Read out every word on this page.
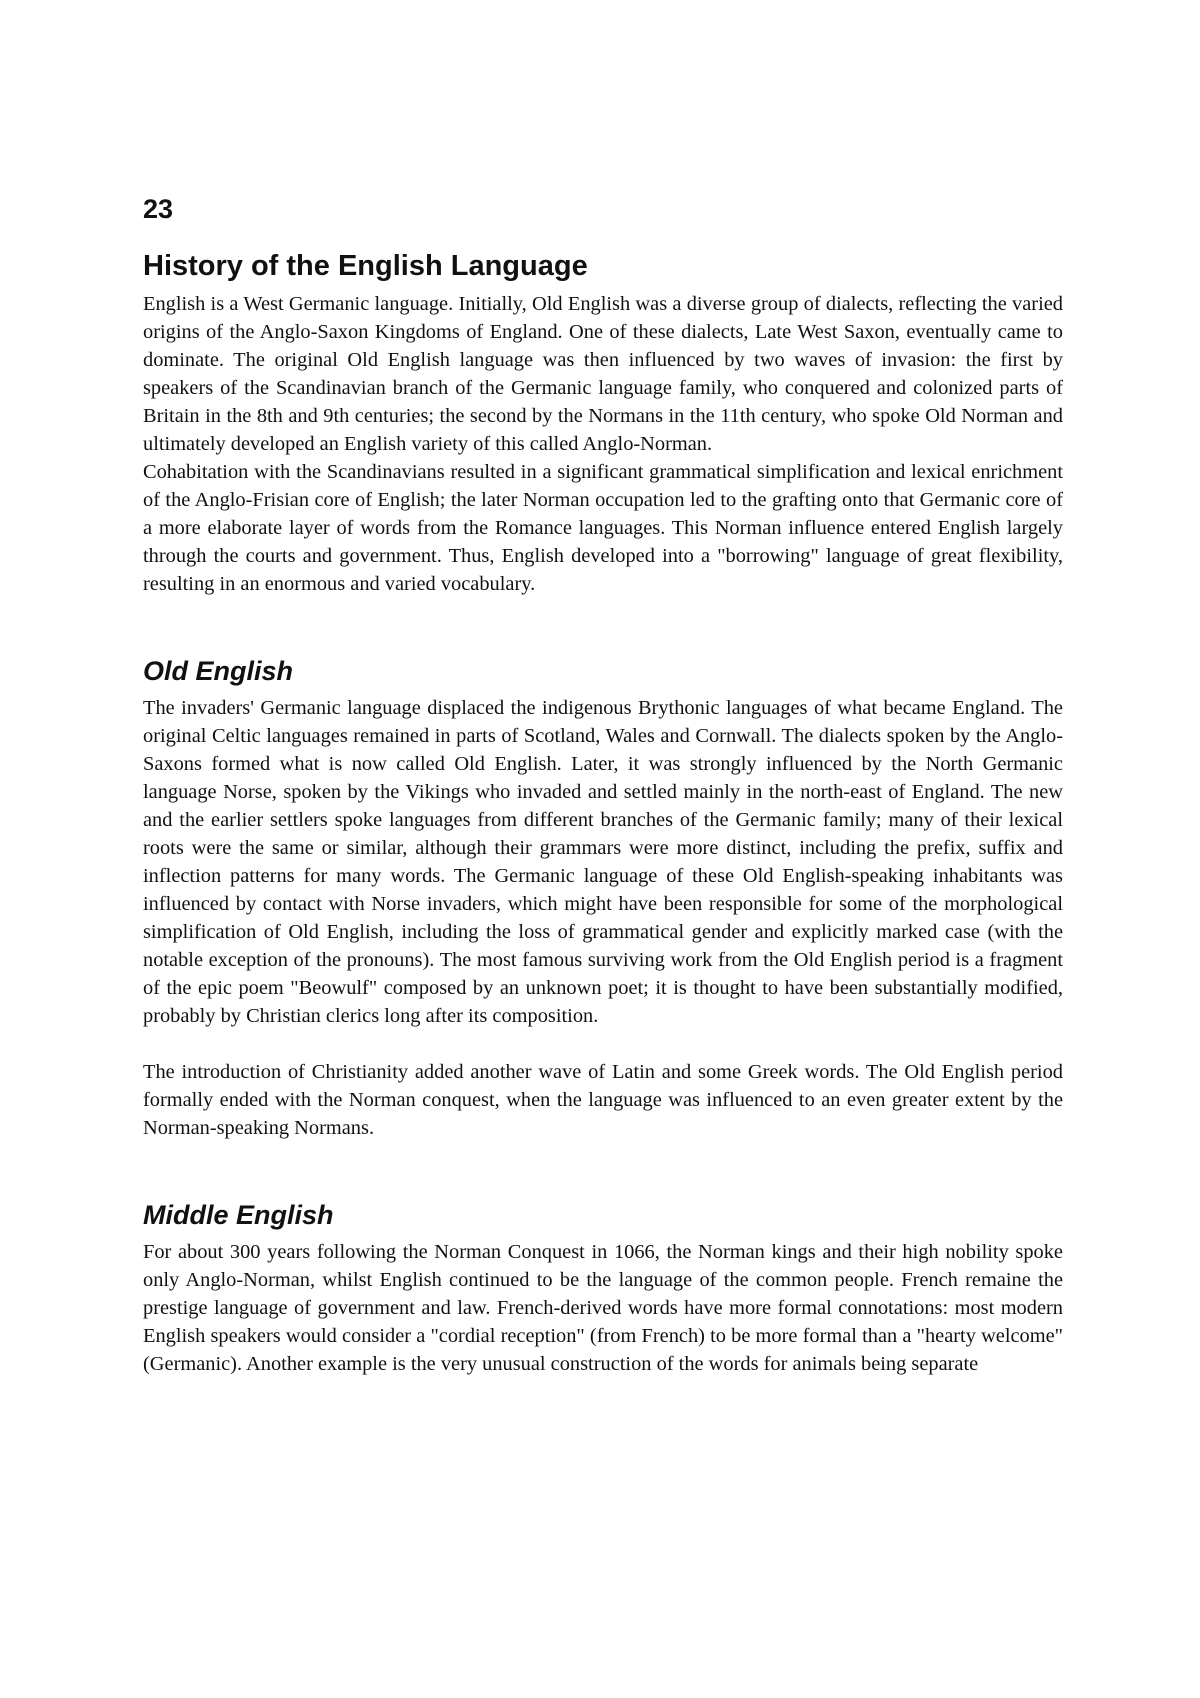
23
History of the English Language

English is a West Germanic language. Initially, Old English was a diverse group of dialects, reflecting the varied origins of the Anglo-Saxon Kingdoms of England. One of these dialects, Late West Saxon, eventually came to dominate. The original Old English language was then influenced by two waves of invasion: the first by speakers of the Scandinavian branch of the Germanic language family, who conquered and colonized parts of Britain in the 8th and 9th centuries; the second by the Normans in the 11th century, who spoke Old Norman and ultimately developed an English variety of this called Anglo-Norman.

Cohabitation with the Scandinavians resulted in a significant grammatical simplification and lexical enrichment of the Anglo-Frisian core of English; the later Norman occupation led to the grafting onto that Germanic core of a more elaborate layer of words from the Romance languages. This Norman influence entered English largely through the courts and government. Thus, English developed into a "borrowing" language of great flexibility, resulting in an enormous and varied vocabulary.

Old English

The invaders' Germanic language displaced the indigenous Brythonic languages of what became England. The original Celtic languages remained in parts of Scotland, Wales and Cornwall. The dialects spoken by the Anglo-Saxons formed what is now called Old English. Later, it was strongly influenced by the North Germanic language Norse, spoken by the Vikings who invaded and settled mainly in the north-east of England. The new and the earlier settlers spoke languages from different branches of the Germanic family; many of their lexical roots were the same or similar, although their grammars were more distinct, including the prefix, suffix and inflection patterns for many words. The Germanic language of these Old English-speaking inhabitants was influenced by contact with Norse invaders, which might have been responsible for some of the morphological simplification of Old English, including the loss of grammatical gender and explicitly marked case (with the notable exception of the pronouns). The most famous surviving work from the Old English period is a fragment of the epic poem "Beowulf" composed by an unknown poet; it is thought to have been substantially modified, probably by Christian clerics long after its composition.

The introduction of Christianity added another wave of Latin and some Greek words. The Old English period formally ended with the Norman conquest, when the language was influenced to an even greater extent by the Norman-speaking Normans.

Middle English

For about 300 years following the Norman Conquest in 1066, the Norman kings and their high nobility spoke only Anglo-Norman, whilst English continued to be the language of the common people. French remaine the prestige language of government and law. French-derived words have more formal connotations: most modern English speakers would consider a "cordial reception" (from French) to be more formal than a "hearty welcome" (Germanic). Another example is the very unusual construction of the words for animals being separate
